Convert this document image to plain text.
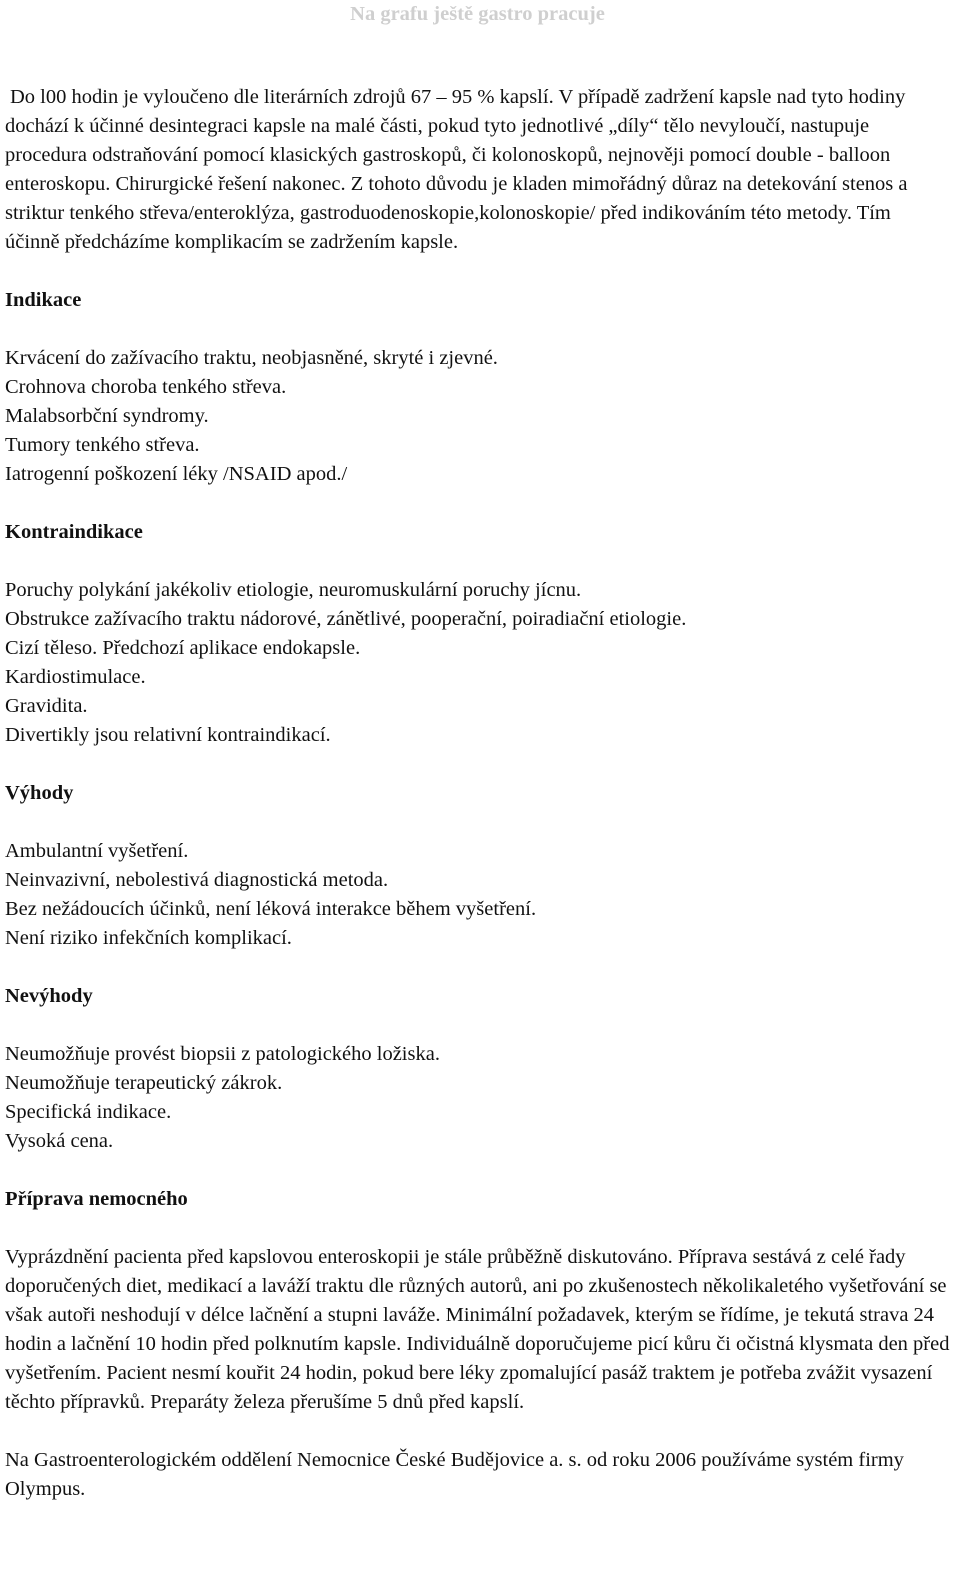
Na grafu ještě gastro pracuje

Do l00 hodin je vyloučeno dle literárních zdrojů 67 – 95 % kapslí. V případě zadržení kapsle nad tyto hodiny dochází k účinné desintegraci kapsle na malé části, pokud tyto jednotlivé „díly“ tělo nevyloučí, nastupuje procedura odstraňování pomocí klasických gastroskopů, či kolonoskopů, nejnověji pomocí double - balloon enteroskopu. Chirurgické řešení nakonec. Z tohoto důvodu je kladen mimořádný důraz na detekování stenos a striktur tenkého střeva/enteroklýza, gastroduodenoskopie,kolonoskopie/ před indikováním této metody. Tím účinně předcházíme komplikacím se zadržením kapsle.

Indikace
Krvácení do zažívacího traktu, neobjasněné, skryté i zjevné.
Crohnova choroba tenkého střeva.
Malabsorbční syndromy.
Tumory tenkého střeva.
Iatrogenní poškození léky /NSAID apod./
Kontraindikace
Poruchy polykání jakékoliv etiologie, neuromuskulární poruchy jícnu.
Obstrukce zažívacího traktu nádorové, zánětlivé, pooperační, poiradiační etiologie.
Cizí těleso. Předchozí aplikace endokapsle.
Kardiostimulace.
Gravidita.
Divertikly jsou relativní kontraindikací.
Výhody
Ambulantní vyšetření.
Neinvazivní, nebolestivá diagnostická metoda.
Bez nežádoucích účinků, není léková interakce během vyšetření.
Není riziko infekčních komplikací.
Nevýhody
Neumožňuje provést biopsii z patologického ložiska.
Neumožňuje terapeutický zákrok.
Specifická indikace.
Vysoká cena.
Příprava nemocného

Vyprázdnění pacienta před kapslovou enteroskopii je stále průběžně diskutováno. Příprava sestává z celé řady doporučených diet, medikací a laváží traktu dle různých autorů, ani po zkušenostech několikaletého vyšetřování se však autoři neshodují v délce lačnění a stupni laváže. Minimální požadavek, kterým se řídíme, je tekutá strava 24 hodin a lačnění 10 hodin před polknutím kapsle. Individuálně doporučujeme picí kůru či očistná klysmata den před vyšetřením. Pacient nesmí kouřit 24 hodin, pokud bere léky zpomalující pasáž traktem je potřeba zvážit vysazení těchto přípravků. Preparáty železa přerušíme 5 dnů před kapslí.

Na Gastroenterologickém oddělení Nemocnice České Budějovice a. s. od roku 2006 používáme systém firmy Olympus.
